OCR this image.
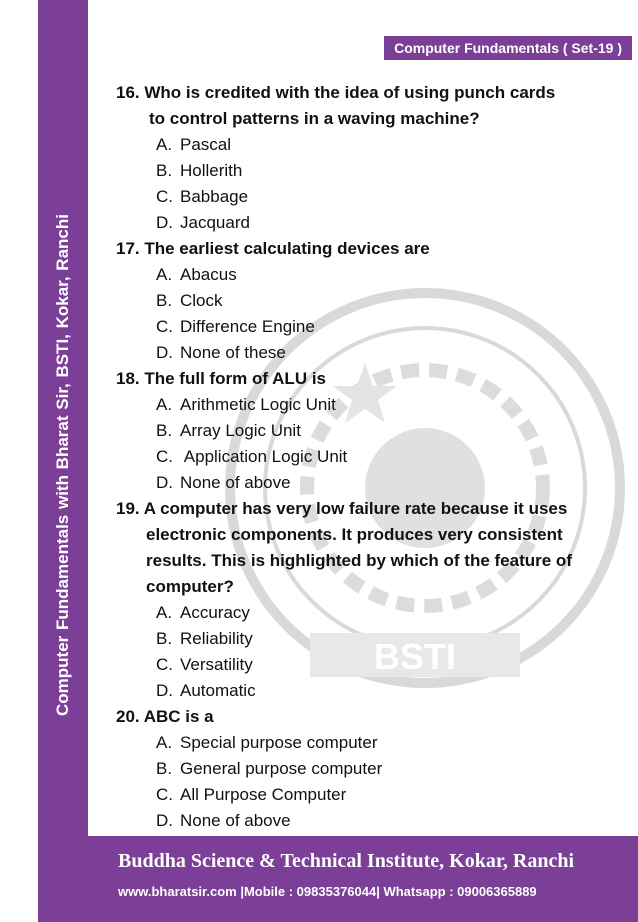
Computer Fundamentals with Bharat Sir, BSTI, Kokar, Ranchi
Computer Fundamentals ( Set-19 )
BSTI

16. Who is credited with the idea of using punch cards
to control patterns in a waving machine?

A. Pascal
B. Hollerith
C. Babbage
D. Jacquard

17. The earliest calculating devices are

A. Abacus
B. Clock
C. Difference Engine
D. None of these

18. The full form of ALU is

A. Arithmetic Logic Unit
B. Array Logic Unit
C. Application Logic Unit
D. None of above

19. A computer has very low failure rate because it uses electronic components. It produces very consistent results. This is highlighted by which of the feature of computer?

A. Accuracy
B. Reliability
C. Versatility
D. Automatic

20. ABC is a

A. Special purpose computer
B. General purpose computer
C. All Purpose Computer
D. None of above
Buddha Science & Technical Institute, Kokar, Ranchi
www.bharatsir.com |Mobile : 09835376044| Whatsapp : 09006365889
